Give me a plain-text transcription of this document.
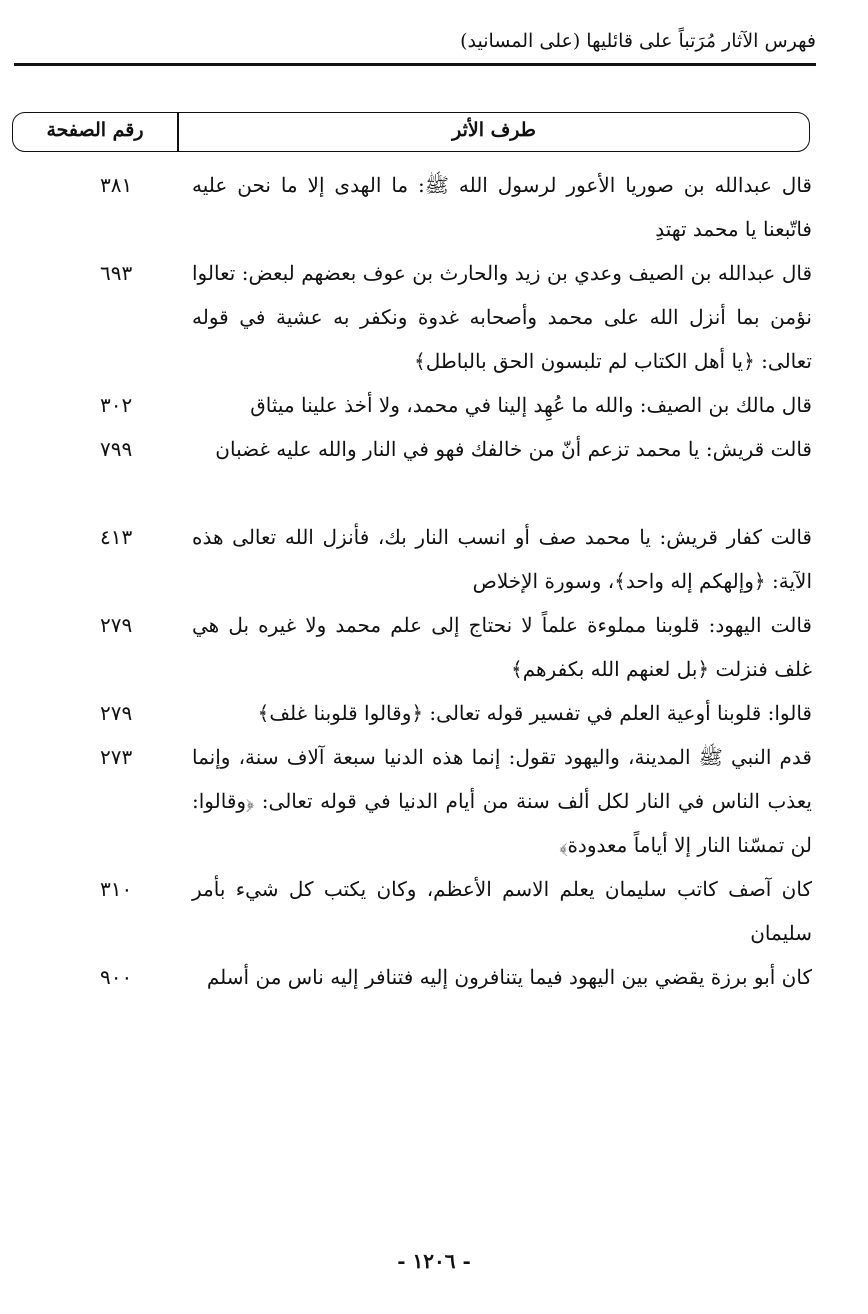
فهرس الآثار مُرَتباً على قائليها (على المسانيد)
رقم الصفحة	طرف الأثر
٣٨١	قال عبدالله بن صوريا الأعور لرسول الله ﷺ: ما الهدى إلا ما نحن عليه فاتّبعنا يا محمد تهتدِ
٦٩٣	قال عبدالله بن الصيف وعدي بن زيد والحارث بن عوف بعضهم لبعض: تعالوا نؤمن بما أنزل الله على محمد وأصحابه غدوة ونكفر به عشية في قوله تعالى: ﴿يا أهل الكتاب لم تلبسون الحق بالباطل﴾
٣٠٢	قال مالك بن الصيف: والله ما عُهِد إلينا في محمد، ولا أخذ علينا ميثاق
٧٩٩	قالت قريش: يا محمد تزعم أنّ من خالفك فهو في النار والله عليه غضبان
٤١٣	قالت كفار قريش: يا محمد صف أو انسب النار بك، فأنزل الله تعالى هذه الآية: ﴿وإلهكم إله واحد﴾، وسورة الإخلاص
٢٧٩	قالت اليهود: قلوبنا مملوءة علماً لا نحتاج إلى علم محمد ولا غيره بل هي غلف فنزلت ﴿بل لعنهم الله بكفرهم﴾
٢٧٩	قالوا: قلوبنا أوعية العلم في تفسير قوله تعالى: ﴿وقالوا قلوبنا غلف﴾
٢٧٣	قدم النبي ﷺ المدينة، واليهود تقول: إنما هذه الدنيا سبعة آلاف سنة، وإنما يعذب الناس في النار لكل ألف سنة من أيام الدنيا في قوله تعالى: ﴿وقالوا: لن تمسّنا النار إلا أياماً معدودة﴾
٣١٠	كان آصف كاتب سليمان يعلم الاسم الأعظم، وكان يكتب كل شيء بأمر سليمان
٩٠٠	كان أبو برزة يقضي بين اليهود فيما يتنافرون إليه فتنافر إليه ناس من أسلم
- ١٢٠٦ -
